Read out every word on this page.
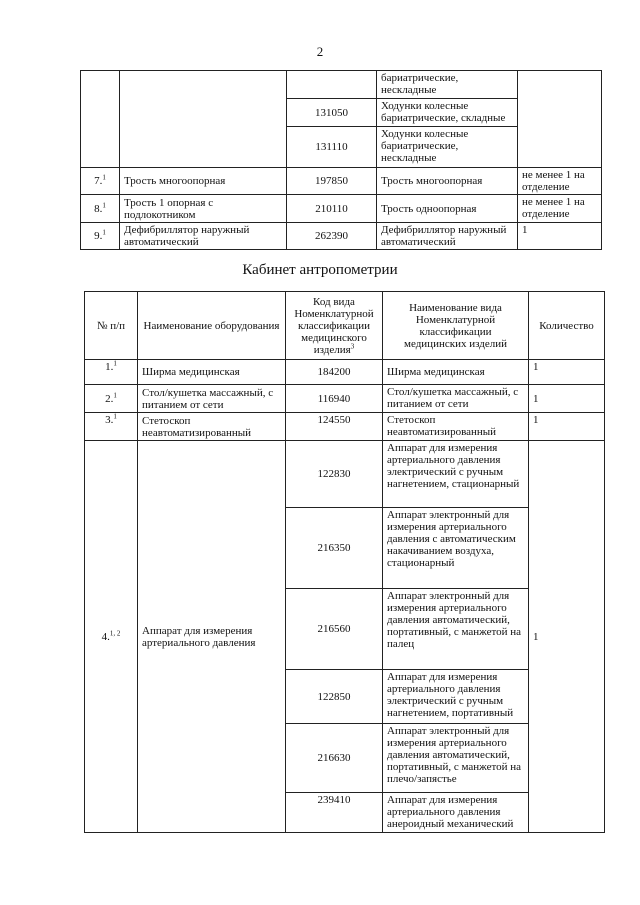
2
			бариатрические, нескладные	
		131050	Ходунки колесные бариатрические, складные	
		131110	Ходунки колесные бариатрические, нескладные	
7.$^1$	Трость многоопорная	197850	Трость многоопорная	не менее 1 на отделение
8.$^1$	Трость 1 опорная с подлокотником	210110	Трость одноопорная	не менее 1 на отделение
9.$^1$	Дефибриллятор наружный автоматический	262390	Дефибриллятор наружный автоматический	1
Кабинет антропометрии
№ п/п	Наименование оборудования	Код вида Номенклатурной классификации медицинского изделия$^3$	Наименование вида Номенклатурной классификации медицинских изделий	Количество
1.$^1$	Ширма медицинская	184200	Ширма медицинская	1
2.$^1$	Стол/кушетка массажный, с питанием от сети	116940	Стол/кушетка массажный, с питанием от сети	1
3.$^1$	Стетоскоп неавтоматизированный	124550	Стетоскоп неавтоматизированный	1
4.$^{1, 2}$	Аппарат для измерения артериального давления	122830	Аппарат для измерения артериального давления электрический с ручным нагнетением, стационарный	1
		216350	Аппарат электронный для измерения артериального давления с автоматическим накачиванием воздуха, стационарный	
		216560	Аппарат электронный для измерения артериального давления автоматический, портативный, с манжетой на палец	
		122850	Аппарат для измерения артериального давления электрический с ручным нагнетением, портативный	
		216630	Аппарат электронный для измерения артериального давления автоматический, портативный, с манжетой на плечо/запястье	
		239410	Аппарат для измерения артериального давления анероидный механический	
